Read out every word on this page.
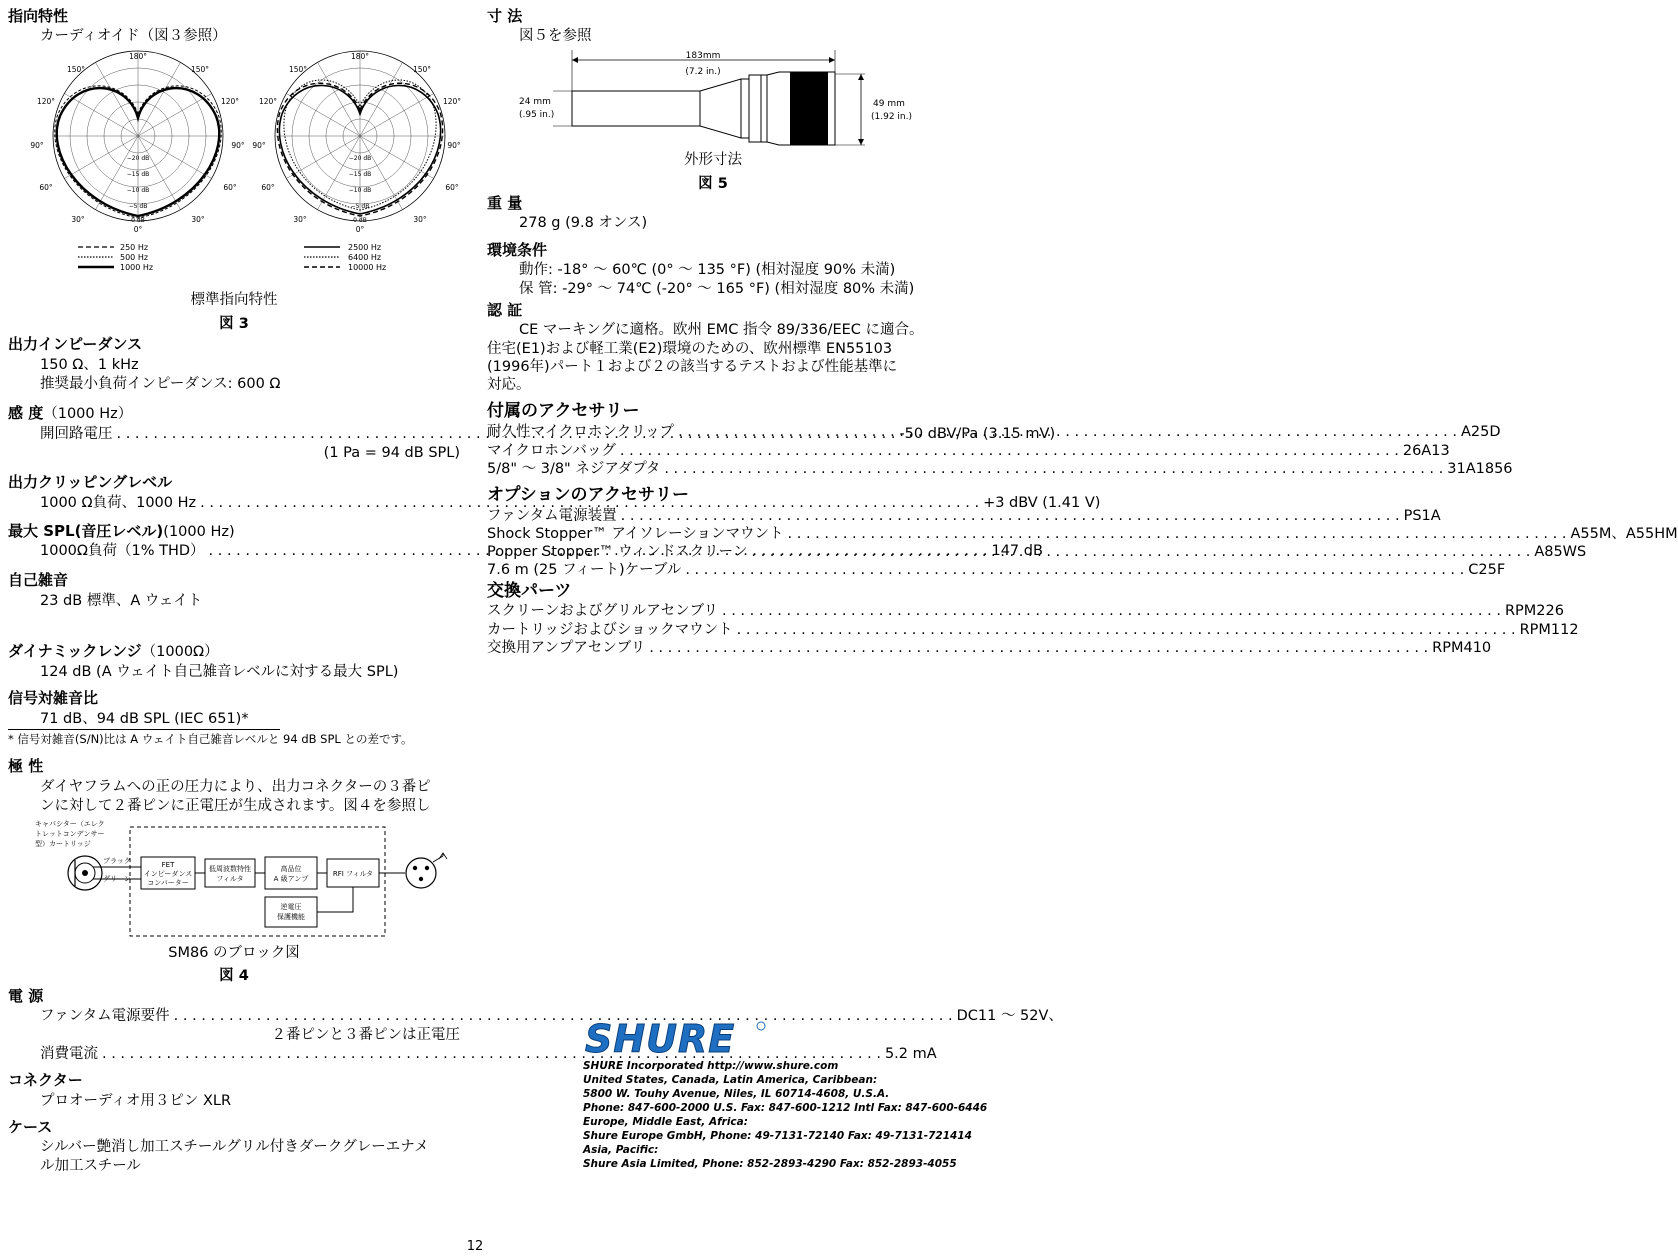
指向特性
カーディオイド（図３参照）
180°
150°	150°
120°	120°
90°	90°
60°	60°
30°	30°
0°
180°
150°	150°
120°	120°
90°	90°
60°	60°
30°	30°
0°
−20 dB
−15 dB
−10 dB
−5 dB
0 dB
−20 dB
−15 dB
−10 dB
−5 dB
0 dB
250 Hz
500 Hz
1000 Hz
2500 Hz
6400 Hz
10000 Hz
標準指向特性
図 3
出力インピーダンス
150 Ω、1 kHz
推奨最小負荷インピーダンス: 600 Ω
感 度（1000 Hz）
開回路電圧 . . .	-50 dBV/Pa (3.15 mV)
(1 Pa = 94 dB SPL)
出力クリッピングレベル
1000 Ω負荷、1000 Hz . . .	+3 dBV (1.41 V)
最大 SPL(音圧レベル)(1000 Hz)
1000Ω負荷（1% THD） . . .	147 dB
自己雑音
23 dB 標準、A ウェイト
ダイナミックレンジ（1000Ω）
124 dB (A ウェイト自己雑音レベルに対する最大 SPL)
信号対雑音比
71 dB、94 dB SPL (IEC 651)*
* 信号対雑音(S/N)比は A ウェイト自己雑音レベルと 94 dB SPL との差です。
極 性
ダイヤフラムへの正の圧力により、出力コネクターの３番ピ
ンに対して２番ピンに正電圧が生成されます。図４を参照し
キャパシター（エレク
トレットコンデンサー
型）カートリッジ
ブラック
グリーン
FET
インピーダンス
コンバーター
低周波数特性
フィルタ
高品位
A 級アンプ
RFI フィルタ
逆電圧
保護機能
SM86 のブロック図
図 4
電 源
ファンタム電源要件 . . .	DC11 ～ 52V、
２番ピンと３番ピンは正電圧
消費電流 . . .	5.2 mA
コネクター
プロオーディオ用３ピン XLR
ケース
シルバー艶消し加工スチールグリル付きダークグレーエナメ
ル加工スチール
寸 法
図５を参照
183mm
(7.2 in.)
24 mm
(.95 in.)
49 mm
(1.92 in.)
外形寸法
図 5
重 量
278 g (9.8 オンス)
環境条件
動作: -18° ～ 60℃ (0° ～ 135 °F) (相対湿度 90% 未満)
保 管: -29° ～ 74℃ (-20° ～ 165 °F) (相対湿度 80% 未満)
認 証
CE マーキングに適格。欧州 EMC 指令 89/336/EEC に適合。
住宅(E1)および軽工業(E2)環境のための、欧州標準 EN55103
(1996年)パート１および２の該当するテストおよび性能基準に
対応。
付属のアクセサリー
耐久性マイクロホンクリップ . . .	A25D
マイクロホンバッグ . . .	26A13
5/8" ～ 3/8" ネジアダプタ . . .	31A1856
オプションのアクセサリー
ファンタム電源装置 . . .	PS1A
Shock Stopper™ アイソレーションマウント . . .	A55M、A55HM
Popper Stopper™ ウィンドスクリーン . . .	A85WS
7.6 m (25 フィート)ケーブル . . .	C25F
交換パーツ
スクリーンおよびグリルアセンブリ . . .	RPM226
カートリッジおよびショックマウント . . .	RPM112
交換用アンプアセンブリ . . .	RPM410
SHURE
SHURE Incorporated http://www.shure.com
United States, Canada, Latin America, Caribbean:
5800 W. Touhy Avenue, Niles, IL 60714-4608, U.S.A.
Phone: 847-600-2000 U.S. Fax: 847-600-1212 Intl Fax: 847-600-6446
Europe, Middle East, Africa:
Shure Europe GmbH, Phone: 49-7131-72140 Fax: 49-7131-721414
Asia, Pacific:
Shure Asia Limited, Phone: 852-2893-4290 Fax: 852-2893-4055
12
